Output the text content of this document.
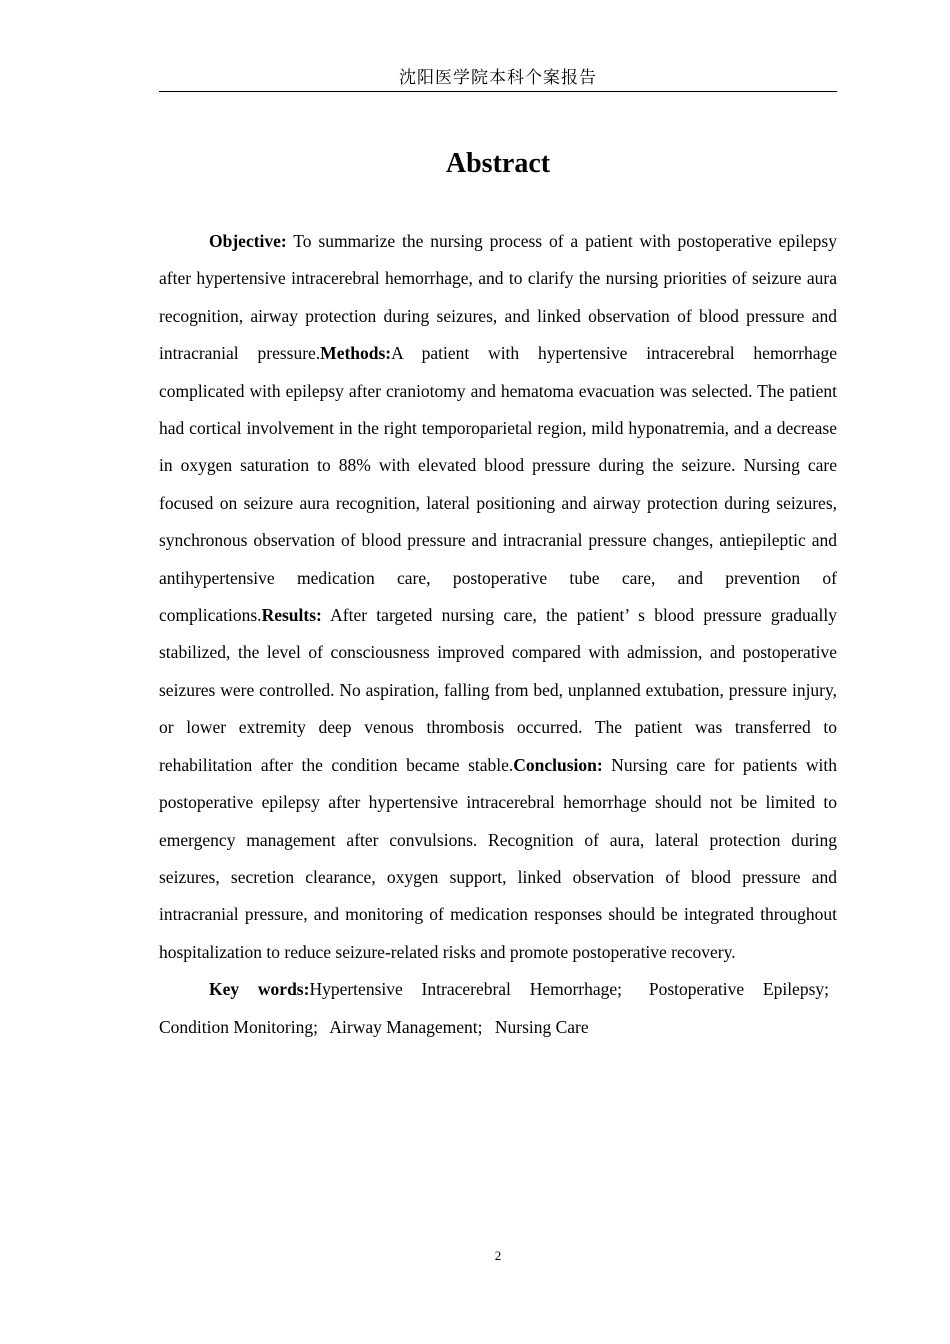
沈阳医学院本科个案报告
Abstract

Objective: To summarize the nursing process of a patient with postoperative epilepsy after hypertensive intracerebral hemorrhage, and to clarify the nursing priorities of seizure aura recognition, airway protection during seizures, and linked observation of blood pressure and intracranial pressure.Methods:A patient with hypertensive intracerebral hemorrhage complicated with epilepsy after craniotomy and hematoma evacuation was selected. The patient had cortical involvement in the right temporoparietal region, mild hyponatremia, and a decrease in oxygen saturation to 88% with elevated blood pressure during the seizure. Nursing care focused on seizure aura recognition, lateral positioning and airway protection during seizures, synchronous observation of blood pressure and intracranial pressure changes, antiepileptic and antihypertensive medication care, postoperative tube care, and prevention of complications.Results: After targeted nursing care, the patient’ s blood pressure gradually stabilized, the level of consciousness improved compared with admission, and postoperative seizures were controlled. No aspiration, falling from bed, unplanned extubation, pressure injury, or lower extremity deep venous thrombosis occurred. The patient was transferred to rehabilitation after the condition became stable.Conclusion: Nursing care for patients with postoperative epilepsy after hypertensive intracerebral hemorrhage should not be limited to emergency management after convulsions. Recognition of aura, lateral protection during seizures, secretion clearance, oxygen support, linked observation of blood pressure and intracranial pressure, and monitoring of medication responses should be integrated throughout hospitalization to reduce seizure-related risks and promote postoperative recovery.

Key words:Hypertensive Intracerebral Hemorrhage; Postoperative Epilepsy; Condition Monitoring; Airway Management; Nursing Care

2
